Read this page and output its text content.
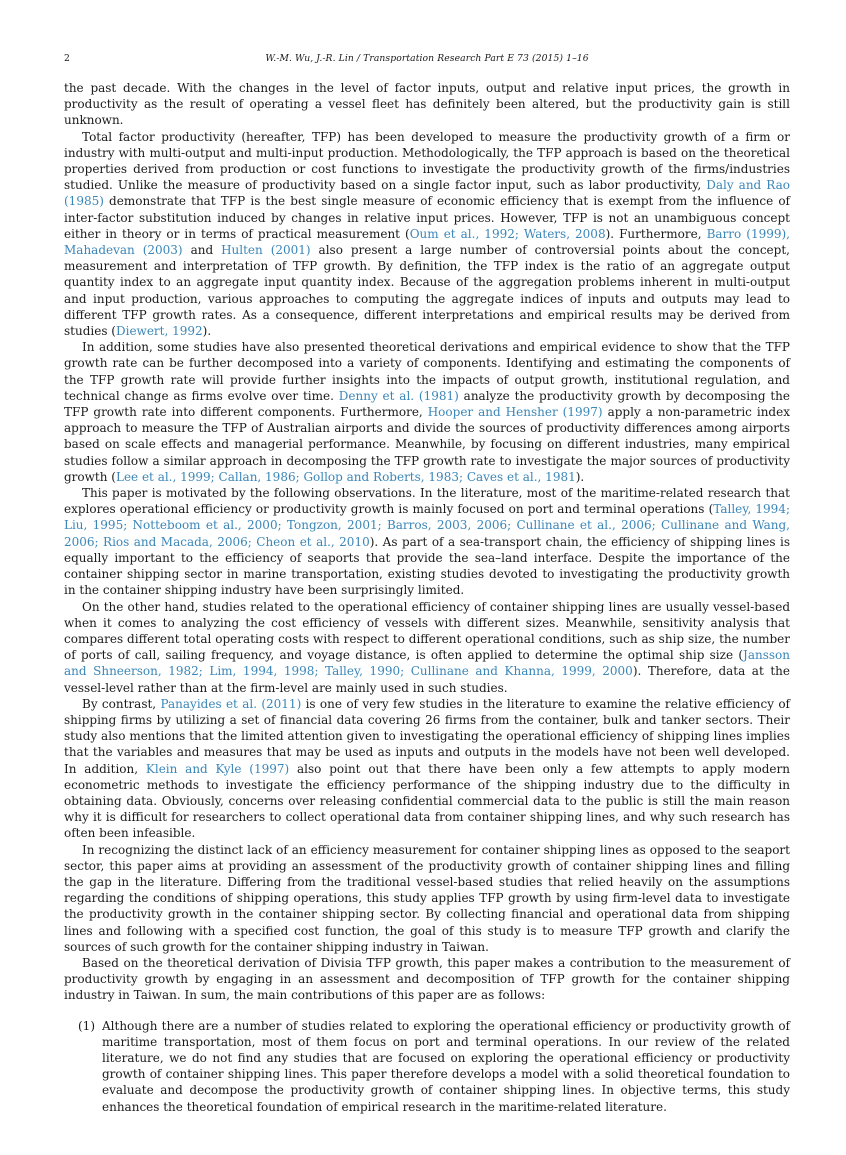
2	W.-M. Wu, J.-R. Lin / Transportation Research Part E 73 (2015) 1–16

the past decade. With the changes in the level of factor inputs, output and relative input prices, the growth in productivity as the result of operating a vessel fleet has definitely been altered, but the productivity gain is still unknown.

Total factor productivity (hereafter, TFP) has been developed to measure the productivity growth of a firm or industry with multi-output and multi-input production. Methodologically, the TFP approach is based on the theoretical properties derived from production or cost functions to investigate the productivity growth of the firms/industries studied. Unlike the measure of productivity based on a single factor input, such as labor productivity, Daly and Rao (1985) demonstrate that TFP is the best single measure of economic efficiency that is exempt from the influence of inter-factor substitution induced by changes in relative input prices. However, TFP is not an unambiguous concept either in theory or in terms of practical measurement (Oum et al., 1992; Waters, 2008). Furthermore, Barro (1999), Mahadevan (2003) and Hulten (2001) also present a large number of controversial points about the concept, measurement and interpretation of TFP growth. By definition, the TFP index is the ratio of an aggregate output quantity index to an aggregate input quantity index. Because of the aggregation problems inherent in multi-output and input production, various approaches to computing the aggregate indices of inputs and outputs may lead to different TFP growth rates. As a consequence, different interpretations and empirical results may be derived from studies (Diewert, 1992).

In addition, some studies have also presented theoretical derivations and empirical evidence to show that the TFP growth rate can be further decomposed into a variety of components. Identifying and estimating the components of the TFP growth rate will provide further insights into the impacts of output growth, institutional regulation, and technical change as firms evolve over time. Denny et al. (1981) analyze the productivity growth by decomposing the TFP growth rate into different components. Furthermore, Hooper and Hensher (1997) apply a non-parametric index approach to measure the TFP of Australian airports and divide the sources of productivity differences among airports based on scale effects and managerial performance. Meanwhile, by focusing on different industries, many empirical studies follow a similar approach in decomposing the TFP growth rate to investigate the major sources of productivity growth (Lee et al., 1999; Callan, 1986; Gollop and Roberts, 1983; Caves et al., 1981).

This paper is motivated by the following observations. In the literature, most of the maritime-related research that explores operational efficiency or productivity growth is mainly focused on port and terminal operations (Talley, 1994; Liu, 1995; Notteboom et al., 2000; Tongzon, 2001; Barros, 2003, 2006; Cullinane et al., 2006; Cullinane and Wang, 2006; Rios and Macada, 2006; Cheon et al., 2010). As part of a sea-transport chain, the efficiency of shipping lines is equally important to the efficiency of seaports that provide the sea–land interface. Despite the importance of the container shipping sector in marine transportation, existing studies devoted to investigating the productivity growth in the container shipping industry have been surprisingly limited.

On the other hand, studies related to the operational efficiency of container shipping lines are usually vessel-based when it comes to analyzing the cost efficiency of vessels with different sizes. Meanwhile, sensitivity analysis that compares different total operating costs with respect to different operational conditions, such as ship size, the number of ports of call, sailing frequency, and voyage distance, is often applied to determine the optimal ship size (Jansson and Shneerson, 1982; Lim, 1994, 1998; Talley, 1990; Cullinane and Khanna, 1999, 2000). Therefore, data at the vessel-level rather than at the firm-level are mainly used in such studies.

By contrast, Panayides et al. (2011) is one of very few studies in the literature to examine the relative efficiency of shipping firms by utilizing a set of financial data covering 26 firms from the container, bulk and tanker sectors. Their study also mentions that the limited attention given to investigating the operational efficiency of shipping lines implies that the variables and measures that may be used as inputs and outputs in the models have not been well developed. In addition, Klein and Kyle (1997) also point out that there have been only a few attempts to apply modern econometric methods to investigate the efficiency performance of the shipping industry due to the difficulty in obtaining data. Obviously, concerns over releasing confidential commercial data to the public is still the main reason why it is difficult for researchers to collect operational data from container shipping lines, and why such research has often been infeasible.

In recognizing the distinct lack of an efficiency measurement for container shipping lines as opposed to the seaport sector, this paper aims at providing an assessment of the productivity growth of container shipping lines and filling the gap in the literature. Differing from the traditional vessel-based studies that relied heavily on the assumptions regarding the conditions of shipping operations, this study applies TFP growth by using firm-level data to investigate the productivity growth in the container shipping sector. By collecting financial and operational data from shipping lines and following with a specified cost function, the goal of this study is to measure TFP growth and clarify the sources of such growth for the container shipping industry in Taiwan.

Based on the theoretical derivation of Divisia TFP growth, this paper makes a contribution to the measurement of productivity growth by engaging in an assessment and decomposition of TFP growth for the container shipping industry in Taiwan. In sum, the main contributions of this paper are as follows:

(1) Although there are a number of studies related to exploring the operational efficiency or productivity growth of maritime transportation, most of them focus on port and terminal operations. In our review of the related literature, we do not find any studies that are focused on exploring the operational efficiency or productivity growth of container shipping lines. This paper therefore develops a model with a solid theoretical foundation to evaluate and decompose the productivity growth of container shipping lines. In objective terms, this study enhances the theoretical foundation of empirical research in the maritime-related literature.
